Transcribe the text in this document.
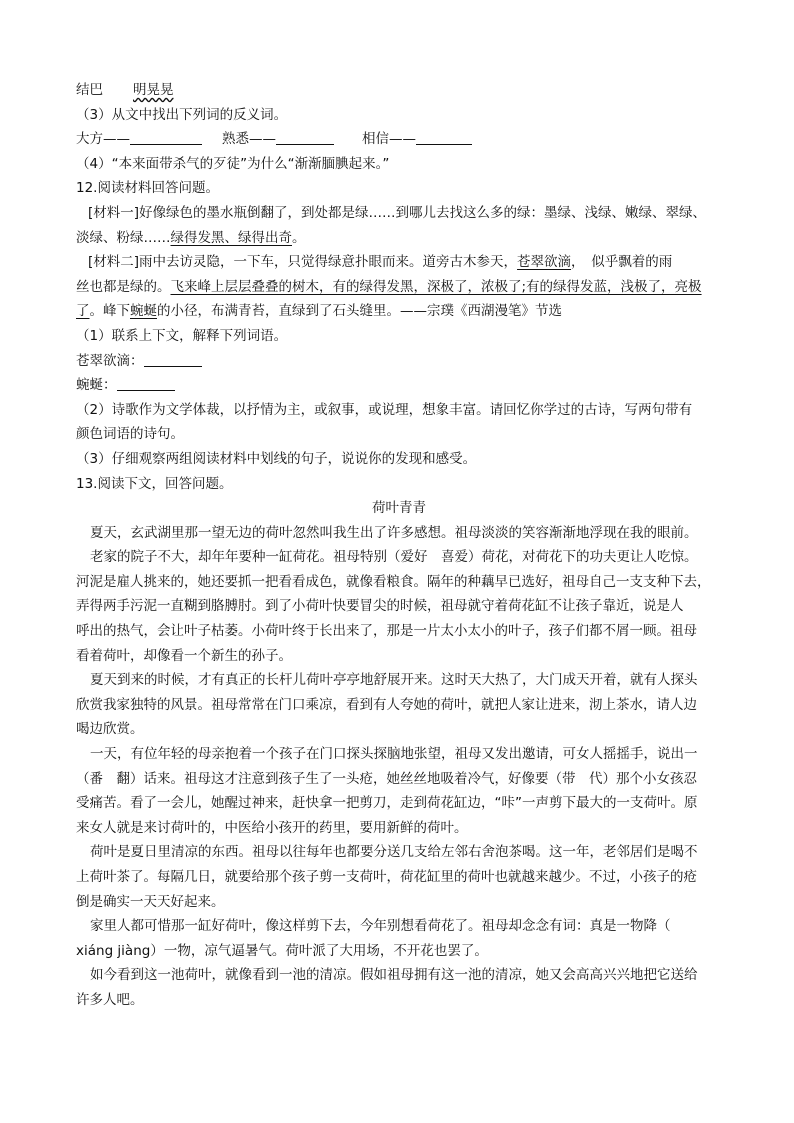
结巴 明晃晃
（3）从文中找出下列词的反义词。
大方——	熟悉——	相信——
（4）“本来面带杀气的歹徒”为什么“渐渐腼腆起来。”
12.阅读材料回答问题。
[材料一]好像绿色的墨水瓶倒翻了，到处都是绿……到哪儿去找这么多的绿：墨绿、浅绿、嫩绿、翠绿、
淡绿、粉绿……绿得发黑、绿得出奇。
[材料二]雨中去访灵隐，一下车，只觉得绿意扑眼而来。道旁古木参天，苍翠欲滴，　似乎飘着的雨
丝也都是绿的。飞来峰上层层叠叠的树木，有的绿得发黑，深极了，浓极了;有的绿得发蓝，浅极了，亮极
了。峰下蜿蜒的小径，布满青苔，直绿到了石头缝里。——宗璞《西湖漫笔》节选
（1）联系上下文，解释下列词语。
苍翠欲滴：
蜿蜒：
（2）诗歌作为文学体裁，以抒情为主，或叙事，或说理，想象丰富。请回忆你学过的古诗，写两句带有
颜色词语的诗句。
（3）仔细观察两组阅读材料中划线的句子，说说你的发现和感受。
13.阅读下文，回答问题。
荷叶青青
夏天，玄武湖里那一望无边的荷叶忽然叫我生出了许多感想。祖母淡淡的笑容渐渐地浮现在我的眼前。
老家的院子不大，却年年要种一缸荷花。祖母特别（爱好　喜爱）荷花，对荷花下的功夫更让人吃惊。
河泥是雇人挑来的，她还要抓一把看看成色，就像看粮食。隔年的种藕早已选好，祖母自己一支支种下去，
弄得两手污泥一直糊到胳膊肘。到了小荷叶快要冒尖的时候，祖母就守着荷花缸不让孩子靠近，说是人
呼出的热气，会让叶子枯萎。小荷叶终于长出来了，那是一片太小太小的叶子，孩子们都不屑一顾。祖母
看着荷叶，却像看一个新生的孙子。
夏天到来的时候，才有真正的长杆儿荷叶亭亭地舒展开来。这时天大热了，大门成天开着，就有人探头
欣赏我家独特的风景。祖母常常在门口乘凉，看到有人夸她的荷叶，就把人家让进来，沏上茶水，请人边
喝边欣赏。
一天，有位年轻的母亲抱着一个孩子在门口探头探脑地张望，祖母又发出邀请，可女人摇摇手，说出一
（番　翻）话来。祖母这才注意到孩子生了一头疮，她丝丝地吸着冷气，好像要（带　代）那个小女孩忍
受痛苦。看了一会儿，她醒过神来，赶快拿一把剪刀，走到荷花缸边，“咔”一声剪下最大的一支荷叶。原
来女人就是来讨荷叶的，中医给小孩开的药里，要用新鲜的荷叶。
荷叶是夏日里清凉的东西。祖母以往每年也都要分送几支给左邻右舍泡茶喝。这一年，老邻居们是喝不
上荷叶茶了。每隔几日，就要给那个孩子剪一支荷叶，荷花缸里的荷叶也就越来越少。不过，小孩子的疮
倒是确实一天天好起来。
家里人都可惜那一缸好荷叶，像这样剪下去，今年别想看荷花了。祖母却念念有词：真是一物降（
xiáng jiàng）一物，凉气逼暑气。荷叶派了大用场，不开花也罢了。
如今看到这一池荷叶，就像看到一池的清凉。假如祖母拥有这一池的清凉，她又会高高兴兴地把它送给
许多人吧。
